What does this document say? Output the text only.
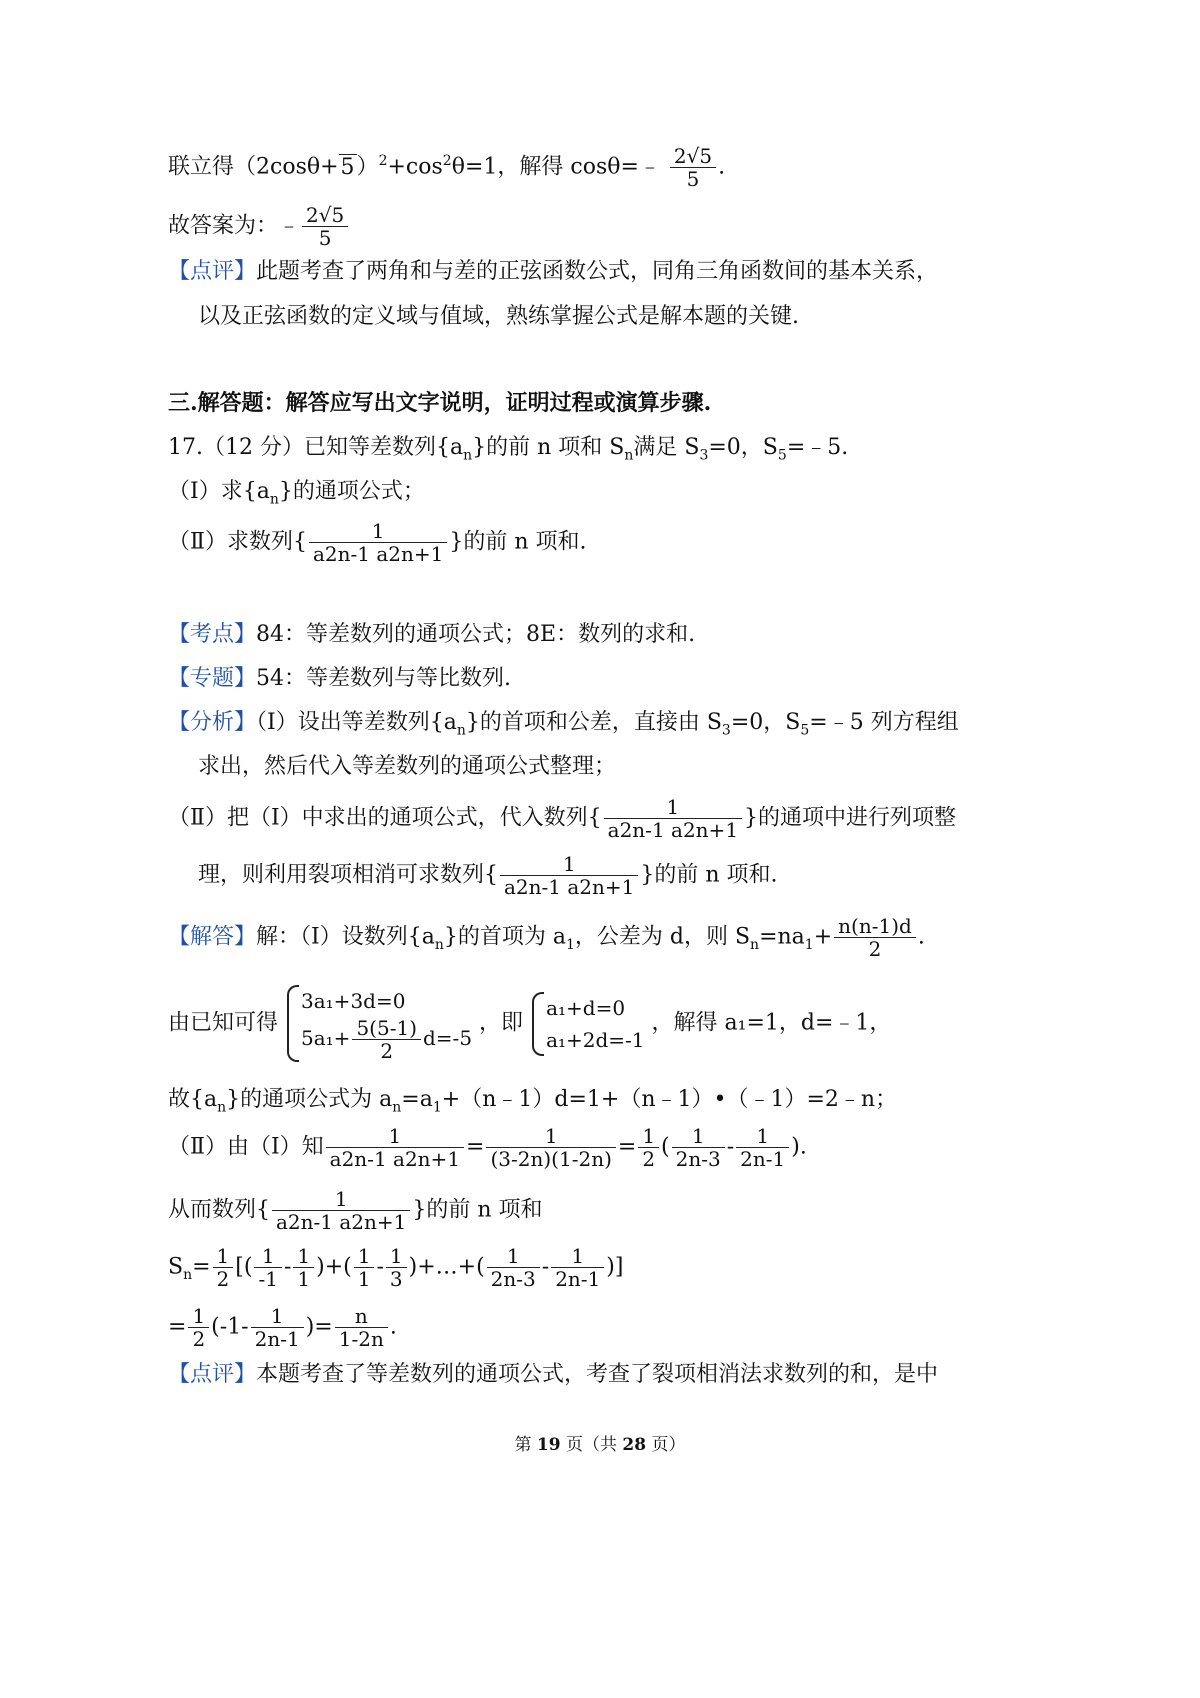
联立得$(2\cos\theta+5)^2+\cos^2\theta=1$，解得 cosθ=﹣ $\frac{2√5}{5}$ .
故答案为：﹣ $\frac{2√5}{5}$
【点评】此题考查了两角和与差的正弦函数公式，同角三角函数间的基本关系，
以及正弦函数的定义域与值域，熟练掌握公式是解本题的关键.
三.解答题：解答应写出文字说明，证明过程或演算步骤.
17.（12 分）已知等差数列$\{a_n\}$的前 n 项和 $S_n$满足 $S_3=0$，$S_5=﹣5$.
（Ⅰ）求$\{a_n\}$的通项公式；
（Ⅱ）求数列{ $\frac{1}{a2n-1 a2n+1}$ }的前 n 项和.
【考点】84：等差数列的通项公式；8E：数列的求和.
【专题】54：等差数列与等比数列.
【分析】（Ⅰ）设出等差数列$\{a_n\}$的首项和公差，直接由 $S_3=0$，$S_5=﹣5$ 列方程组
求出，然后代入等差数列的通项公式整理；
（Ⅱ）把（Ⅰ）中求出的通项公式，代入数列{ $\frac{1}{a2n-1 a2n+1}$ }的通项中进行列项整
理，则利用裂项相消可求数列{ $\frac{1}{a2n-1 a2n+1}$ }的前 n 项和.
【解答】解：（Ⅰ）设数列$\{a_n\}$的首项为 $a_1$，公差为 d，则 $S_n=na_1+ \frac{n(n-1)d}{2}$ .
由已知可得
3a₁+3d=0
$5a_1+ \frac{5(5-1)}{2} d=-5$
，即
a₁+d=0
a₁+2d=-1
，解得 a₁=1，d=﹣1，
故$\{a_n\}$的通项公式为 $a_n=a_1+(n﹣1)d=1+(n﹣1)•(﹣1)=2﹣n$；
（Ⅱ）由（Ⅰ）知 $\frac{1}{a2n-1 a2n+1} = \frac{1}{(3-2n)(1-2n)} = \frac{1}{2}$ ( $\frac{1}{2n-3} - \frac{1}{2n-1}$ ).
从而数列{ $\frac{1}{a2n-1 a2n+1}$ }的前 n 项和
$S_n= \frac{1}{2}$ [( $\frac{1}{-1} - \frac{1}{1}$ )+( $\frac{1}{1} - \frac{1}{3}$ )+…+( $\frac{1}{2n-3} - \frac{1}{2n-1}$ )]
= $\frac{1}{2} (-1- \frac{1}{2n-1}$ )= $\frac{n}{1-2n}$ .
【点评】本题考查了等差数列的通项公式，考查了裂项相消法求数列的和，是中
第 19 页（共 28 页）
